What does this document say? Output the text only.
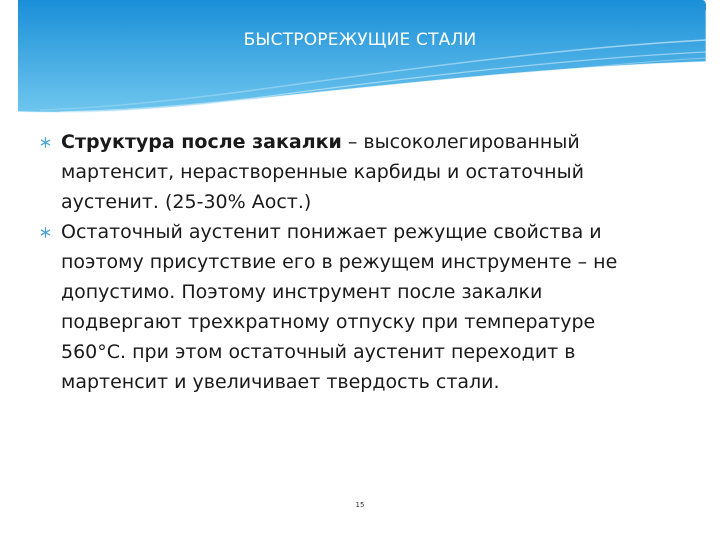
БЫСТРОРЕЖУЩИЕ СТАЛИ

Структура после закалки – высоколегированный мартенсит, нерастворенные карбиды и остаточный аустенит. (25-30% Аост.)

Остаточный аустенит понижает режущие свойства и поэтому присутствие его в режущем инструменте – не допустимо. Поэтому инструмент после закалки подвергают трехкратному отпуску при температуре 560°С. при этом остаточный аустенит переходит в мартенсит и увеличивает твердость стали.

15
